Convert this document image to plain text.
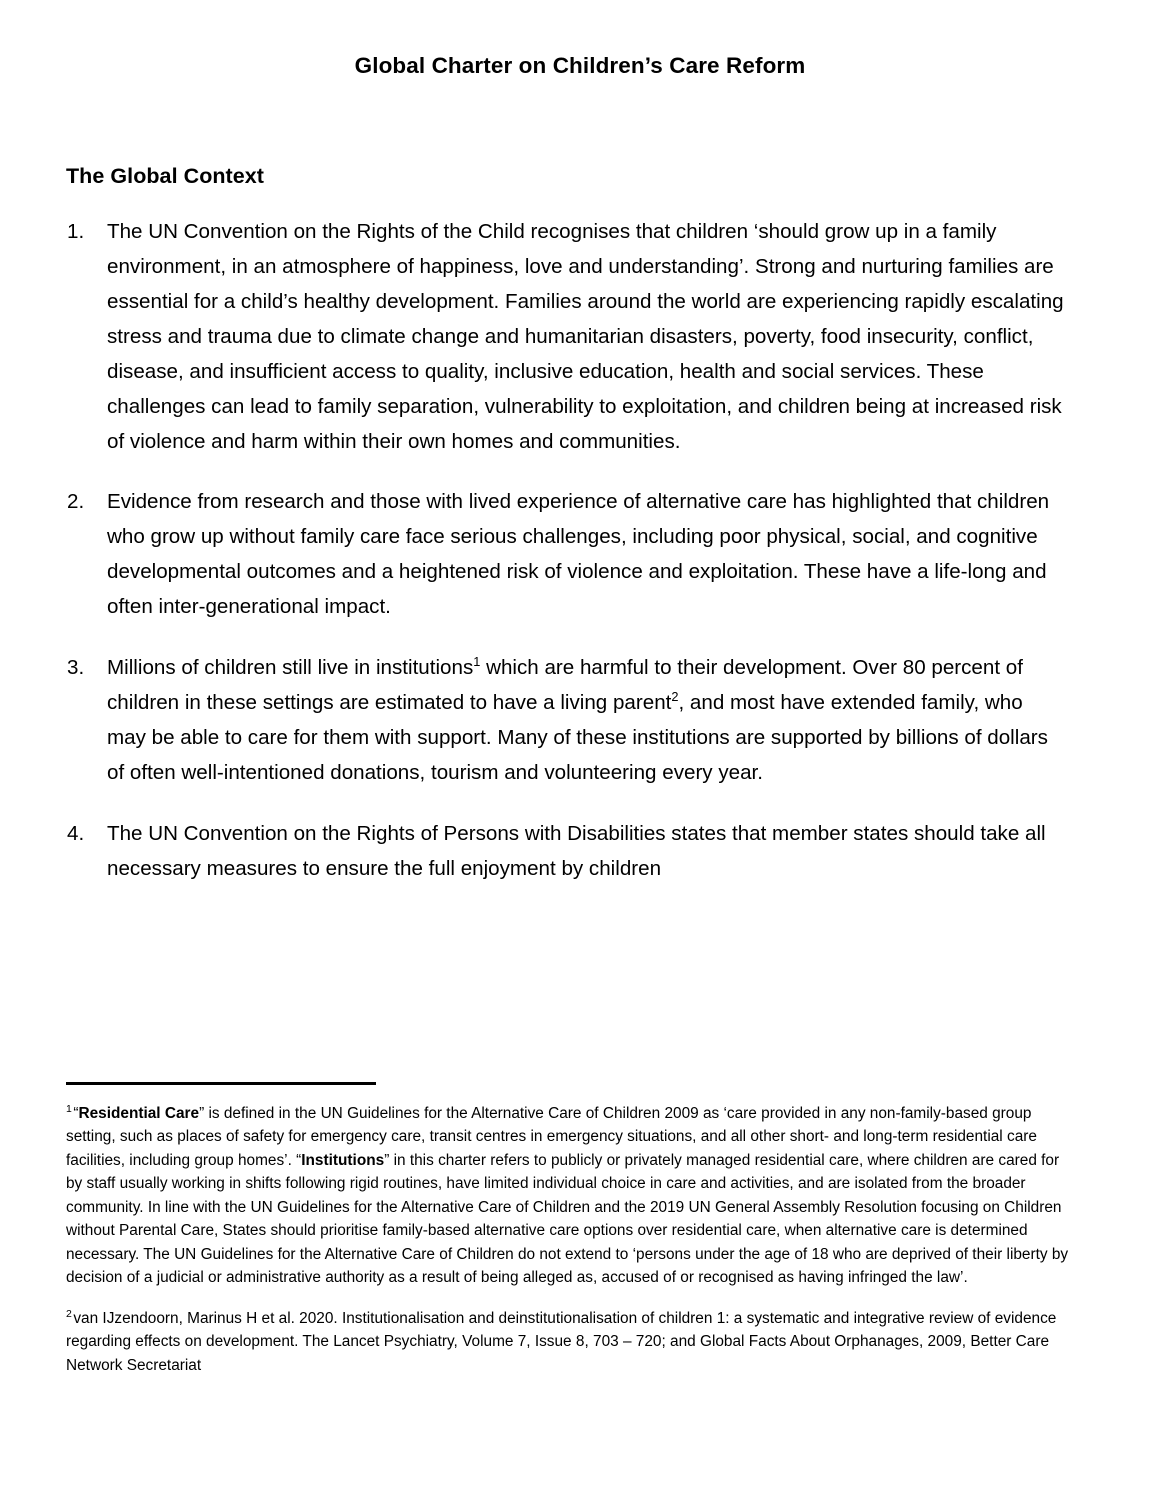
Global Charter on Children’s Care Reform
The Global Context
1.	The UN Convention on the Rights of the Child recognises that children ‘should grow up in a family environment, in an atmosphere of happiness, love and understanding’. Strong and nurturing families are essential for a child’s healthy development. Families around the world are experiencing rapidly escalating stress and trauma due to climate change and humanitarian disasters, poverty, food insecurity, conflict, disease, and insufficient access to quality, inclusive education, health and social services. These challenges can lead to family separation, vulnerability to exploitation, and children being at increased risk of violence and harm within their own homes and communities.
2.	Evidence from research and those with lived experience of alternative care has highlighted that children who grow up without family care face serious challenges, including poor physical, social, and cognitive developmental outcomes and a heightened risk of violence and exploitation. These have a life-long and often inter-generational impact.
3.	Millions of children still live in institutions$^1$ which are harmful to their development. Over 80 percent of children in these settings are estimated to have a living parent$^2$, and most have extended family, who may be able to care for them with support. Many of these institutions are supported by billions of dollars of often well-intentioned donations, tourism and volunteering every year.
4.	The UN Convention on the Rights of Persons with Disabilities states that member states should take all necessary measures to ensure the full enjoyment by children

$^1$“Residential Care” is defined in the UN Guidelines for the Alternative Care of Children 2009 as ‘care provided in any non-family-based group setting, such as places of safety for emergency care, transit centres in emergency situations, and all other short- and long-term residential care facilities, including group homes’. “Institutions” in this charter refers to publicly or privately managed residential care, where children are cared for by staff usually working in shifts following rigid routines, have limited individual choice in care and activities, and are isolated from the broader community. In line with the UN Guidelines for the Alternative Care of Children and the 2019 UN General Assembly Resolution focusing on Children without Parental Care, States should prioritise family-based alternative care options over residential care, when alternative care is determined necessary. The UN Guidelines for the Alternative Care of Children do not extend to ‘persons under the age of 18 who are deprived of their liberty by decision of a judicial or administrative authority as a result of being alleged as, accused of or recognised as having infringed the law’.

$^2$van IJzendoorn, Marinus H et al. 2020. Institutionalisation and deinstitutionalisation of children 1: a systematic and integrative review of evidence regarding effects on development. The Lancet Psychiatry, Volume 7, Issue 8, 703 – 720; and Global Facts About Orphanages, 2009, Better Care Network Secretariat
